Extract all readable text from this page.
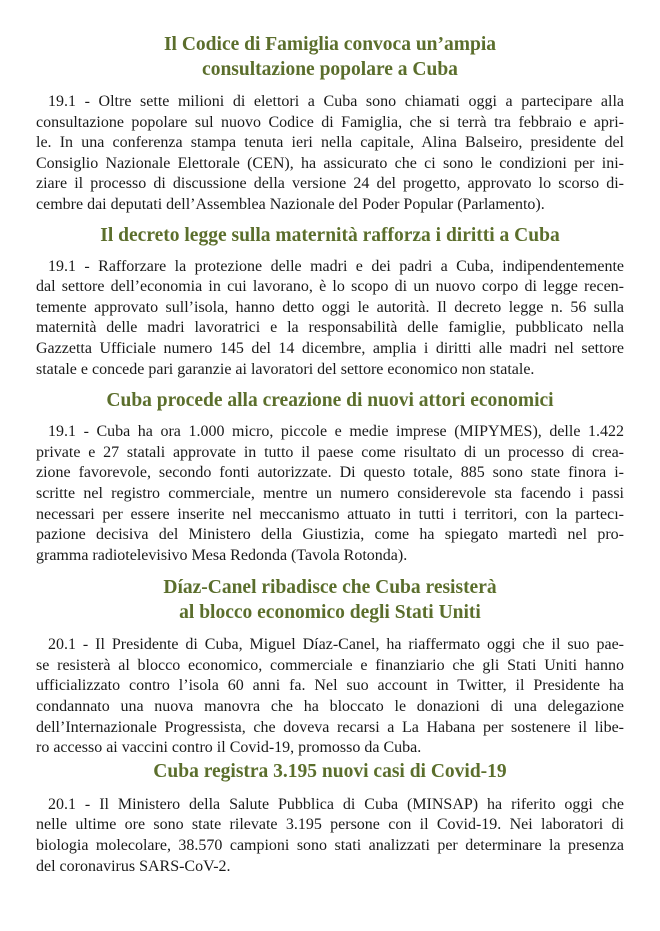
Il Codice di Famiglia convoca un’ampia
consultazione popolare a Cuba

19.1 - Oltre sette milioni di elettori a Cuba sono chiamati oggi a partecipare alla
consultazione popolare sul nuovo Codice di Famiglia, che si terrà tra febbraio e apri-
le. In una conferenza stampa tenuta ieri nella capitale, Alina Balseiro, presidente del
Consiglio Nazionale Elettorale (CEN), ha assicurato che ci sono le condizioni per ini-
ziare il processo di discussione della versione 24 del progetto, approvato lo scorso di-
cembre dai deputati dell’Assemblea Nazionale del Poder Popular (Parlamento).

Il decreto legge sulla maternità rafforza i diritti a Cuba

19.1 - Rafforzare la protezione delle madri e dei padri a Cuba, indipendentemente
dal settore dell’economia in cui lavorano, è lo scopo di un nuovo corpo di legge recen-
temente approvato sull’isola, hanno detto oggi le autorità. Il decreto legge n. 56 sulla
maternità delle madri lavoratrici e la responsabilità delle famiglie, pubblicato nella
Gazzetta Ufficiale numero 145 del 14 dicembre, amplia i diritti alle madri nel settore
statale e concede pari garanzie ai lavoratori del settore economico non statale.

Cuba procede alla creazione di nuovi attori economici

19.1 - Cuba ha ora 1.000 micro, piccole e medie imprese (MIPYMES), delle 1.422
private e 27 statali approvate in tutto il paese come risultato di un processo di crea-
zione favorevole, secondo fonti autorizzate. Di questo totale, 885 sono state finora i-
scritte nel registro commerciale, mentre un numero considerevole sta facendo i passi
necessari per essere inserite nel meccanismo attuato in tutti i territori, con la partecı-
pazione decisiva del Ministero della Giustizia, come ha spiegato martedì nel pro-
gramma radiotelevisivo Mesa Redonda (Tavola Rotonda).

Díaz-Canel ribadisce che Cuba resisterà
al blocco economico degli Stati Uniti

20.1 - Il Presidente di Cuba, Miguel Díaz-Canel, ha riaffermato oggi che il suo pae-
se resisterà al blocco economico, commerciale e finanziario che gli Stati Uniti hanno
ufficializzato contro l’isola 60 anni fa. Nel suo account in Twitter, il Presidente ha
condannato una nuova manovra che ha bloccato le donazioni di una delegazione
dell’Internazionale Progressista, che doveva recarsi a La Habana per sostenere il libe-
ro accesso ai vaccini contro il Covid-19, promosso da Cuba.

Cuba registra 3.195 nuovi casi di Covid-19

20.1 - Il Ministero della Salute Pubblica di Cuba (MINSAP) ha riferito oggi che
nelle ultime ore sono state rilevate 3.195 persone con il Covid-19. Nei laboratori di
biologia molecolare, 38.570 campioni sono stati analizzati per determinare la presenza
del coronavirus SARS-CoV-2.
